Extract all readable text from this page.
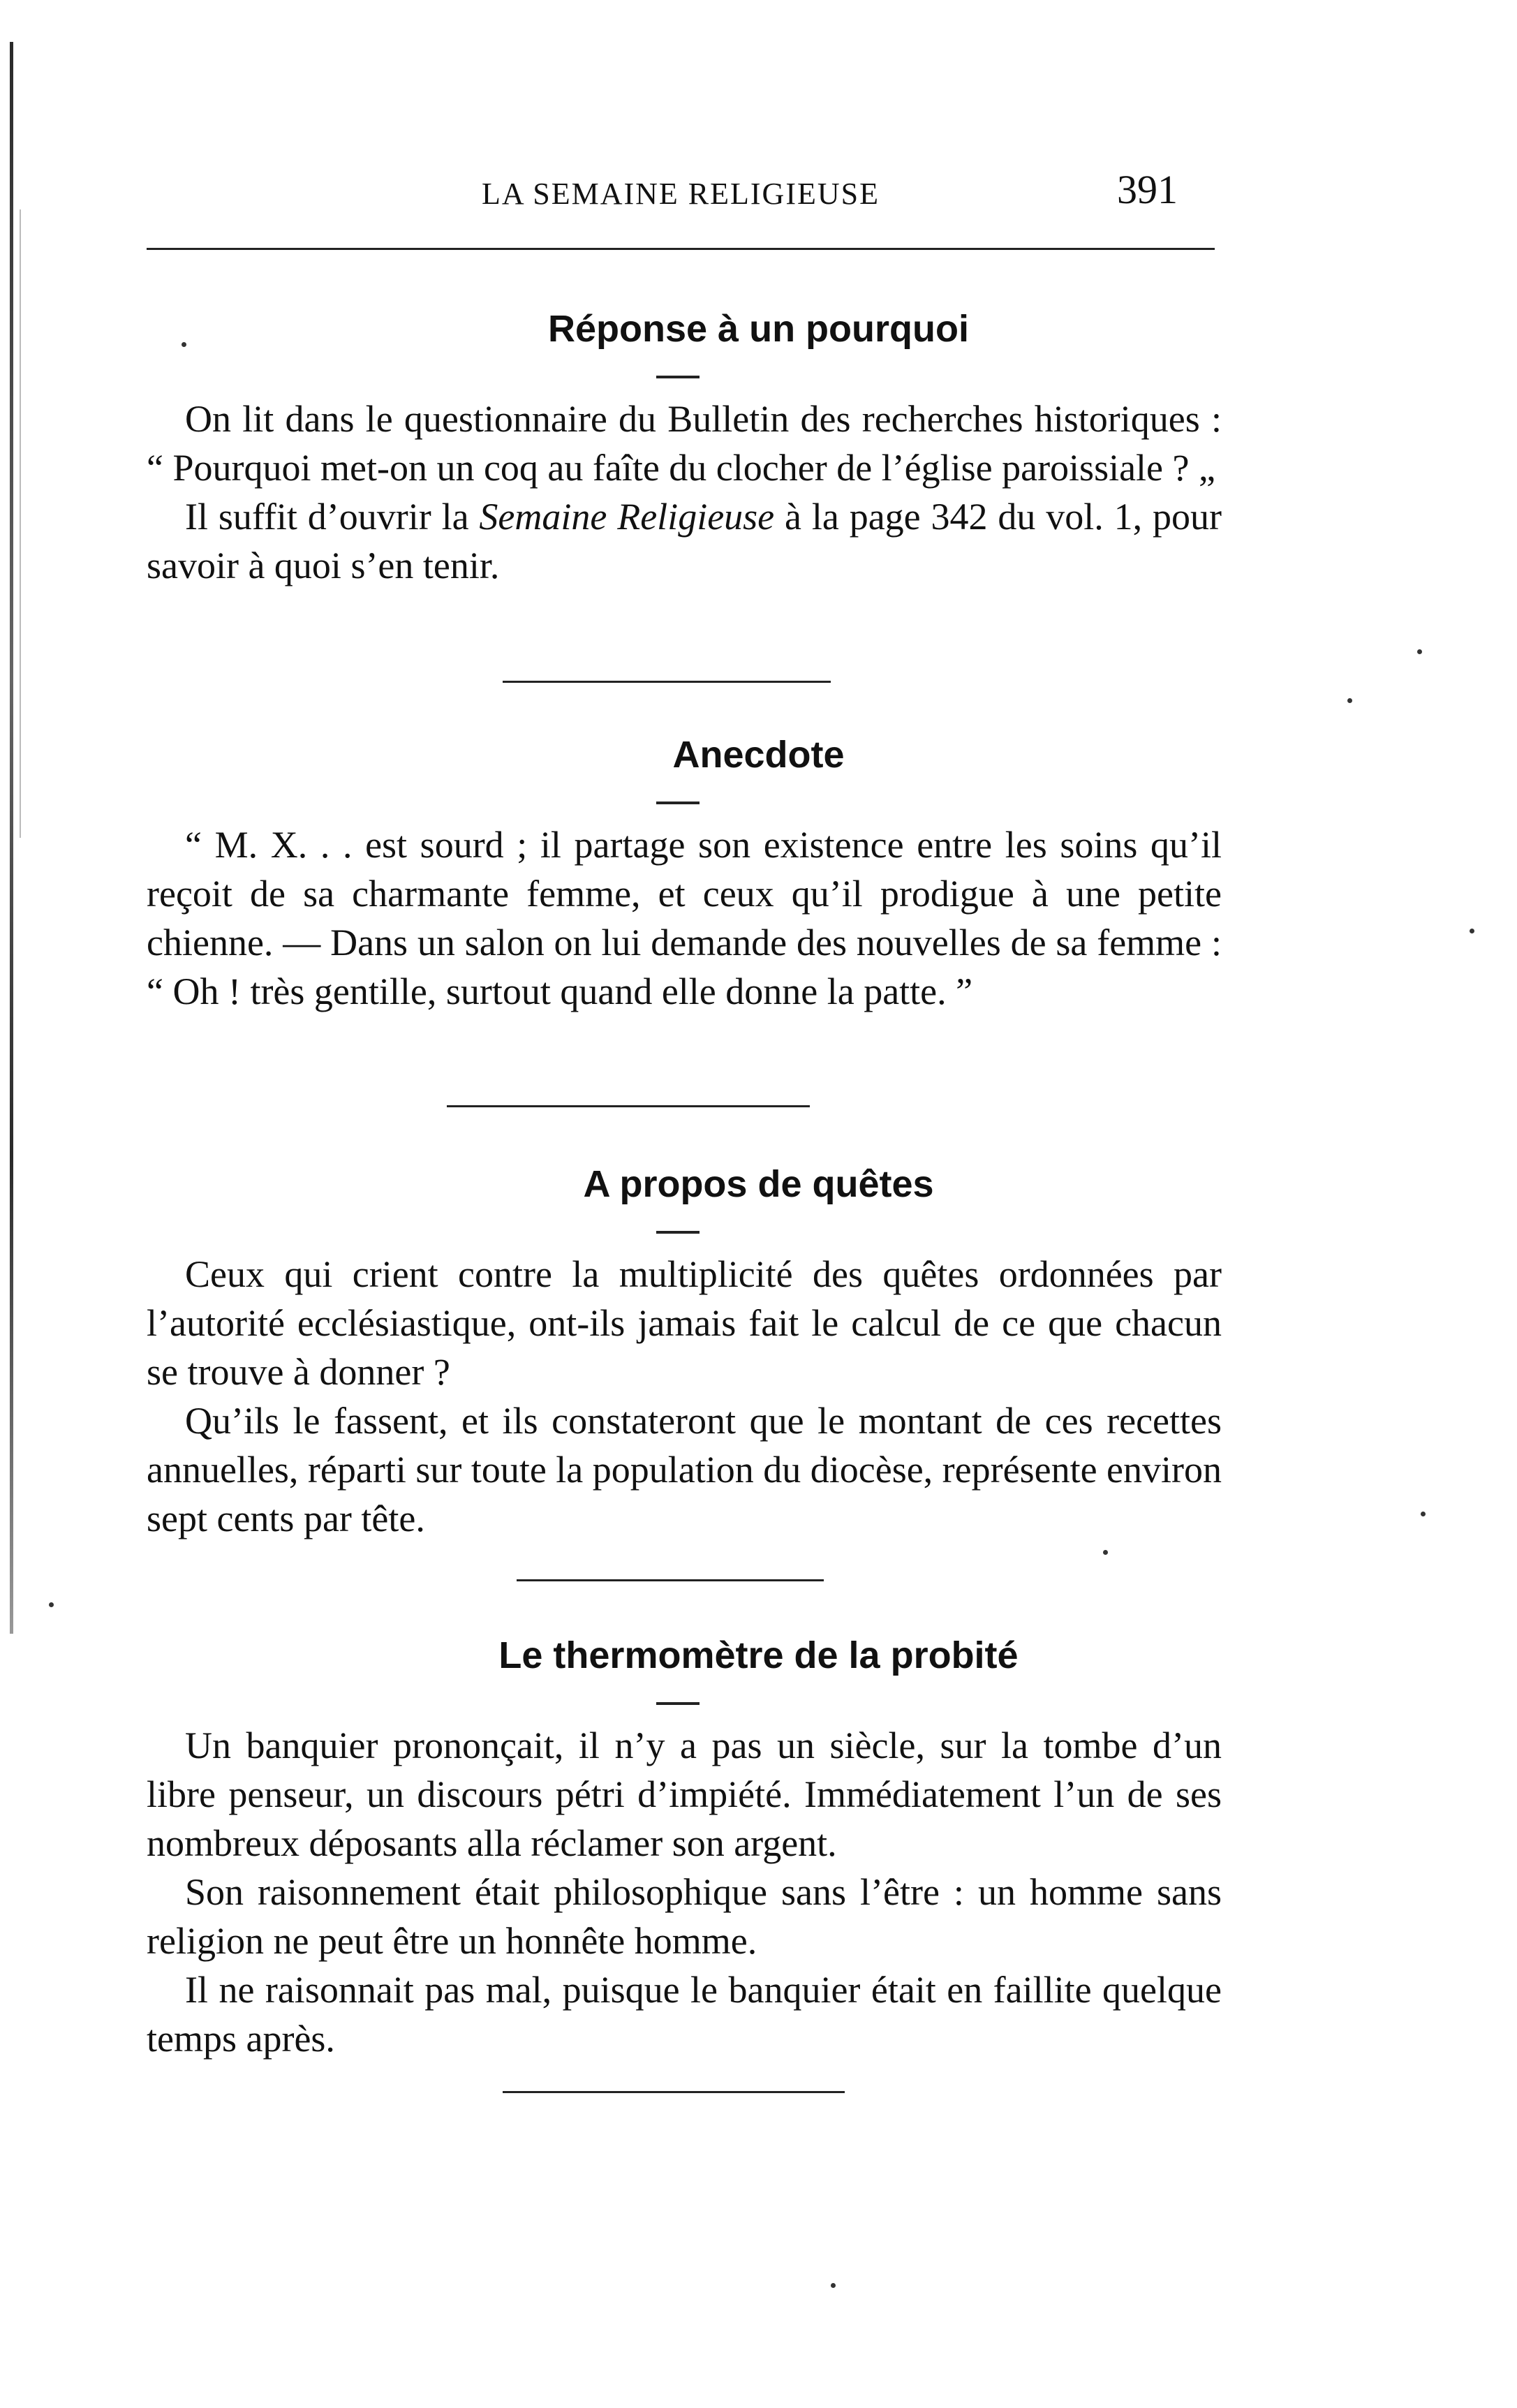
LA SEMAINE RELIGIEUSE	391
Réponse à un pourquoi

On lit dans le questionnaire du Bulletin des recherches historiques : “ Pourquoi met-on un coq au faîte du clocher de l’église paroissiale ? „

Il suffit d’ouvrir la Semaine Religieuse à la page 342 du vol. 1, pour savoir à quoi s’en tenir.

Anecdote

“ M. X. . . est sourd ; il partage son existence entre les soins qu’il reçoit de sa charmante femme, et ceux qu’il prodigue à une petite chienne. — Dans un salon on lui demande des nouvelles de sa femme : “ Oh ! très gentille, surtout quand elle donne la patte. ”

A propos de quêtes

Ceux qui crient contre la multiplicité des quêtes ordonnées par l’autorité ecclésiastique, ont-ils jamais fait le calcul de ce que chacun se trouve à donner ?

Qu’ils le fassent, et ils constateront que le montant de ces recettes annuelles, réparti sur toute la population du diocèse, représente environ sept cents par tête.

Le thermomètre de la probité

Un banquier prononçait, il n’y a pas un siècle, sur la tombe d’un libre penseur, un discours pétri d’impiété. Immédiatement l’un de ses nombreux déposants alla réclamer son argent.

Son raisonnement était philosophique sans l’être : un homme sans religion ne peut être un honnête homme.

Il ne raisonnait pas mal, puisque le banquier était en faillite quelque temps après.
